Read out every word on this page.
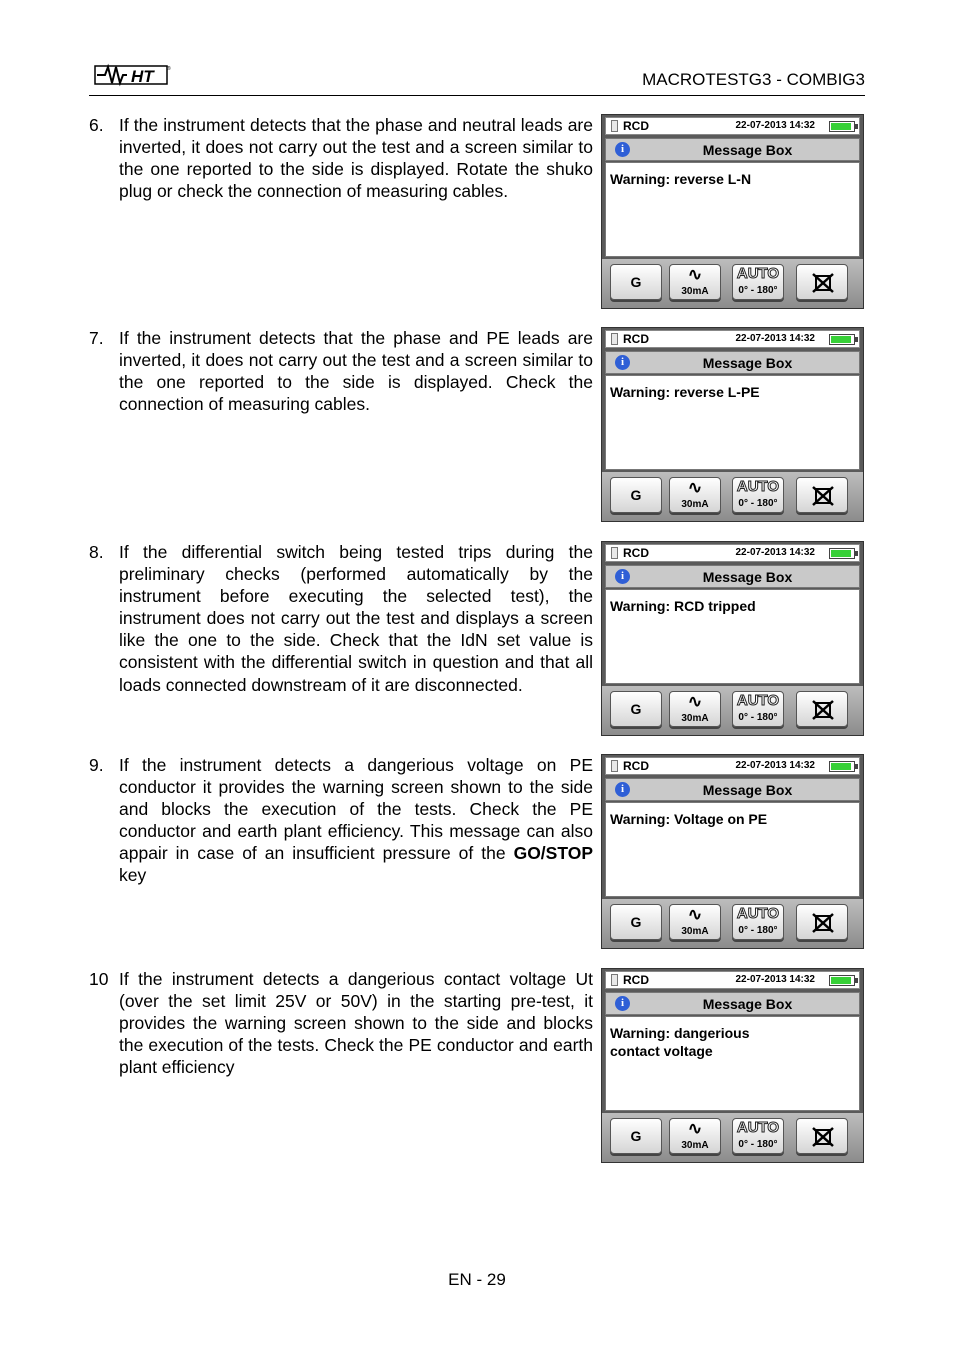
HT	®
MACROTESTG3 - COMBIG3
6. If the instrument detects that the phase and neutral leads are inverted, it does not carry out the test and a screen similar to the one reported to the side is displayed. Rotate the shuko plug or check the connection of measuring cables.
RCD	22-07-2013 14:32
i	Message Box
Warning: reverse L-N
G	∿
30mA
AUTO
0° - 180°
7. If the instrument detects that the phase and PE leads are inverted, it does not carry out the test and a screen similar to the one reported to the side is displayed. Check the connection of measuring cables.
RCD	22-07-2013 14:32
i	Message Box
Warning: reverse L-PE
G	∿
30mA
AUTO
0° - 180°
8. If the differential switch being tested trips during the preliminary checks (performed automatically by the instrument before executing the selected test), the instrument does not carry out the test and displays a screen like the one to the side. Check that the IdN set value is consistent with the differential switch in question and that all loads connected downstream of it are disconnected.
RCD	22-07-2013 14:32
i	Message Box
Warning: RCD tripped
G	∿
30mA
AUTO
0° - 180°
9. If the instrument detects a dangerious voltage on PE conductor it provides the warning screen shown to the side and blocks the execution of the tests. Check the PE conductor and earth plant efficiency. This message can also appair in case of an insufficient pressure of the GO/STOP key
RCD	22-07-2013 14:32
i	Message Box
Warning: Voltage on PE
G	∿
30mA
AUTO
0° - 180°
10 If the instrument detects a dangerious contact voltage Ut (over the set limit 25V or 50V) in the starting pre-test, it provides the warning screen shown to the side and blocks the execution of the tests. Check the PE conductor and earth plant efficiency
RCD	22-07-2013 14:32
i	Message Box
Warning: dangerious
contact voltage
G	∿
30mA
AUTO
0° - 180°
EN - 29
